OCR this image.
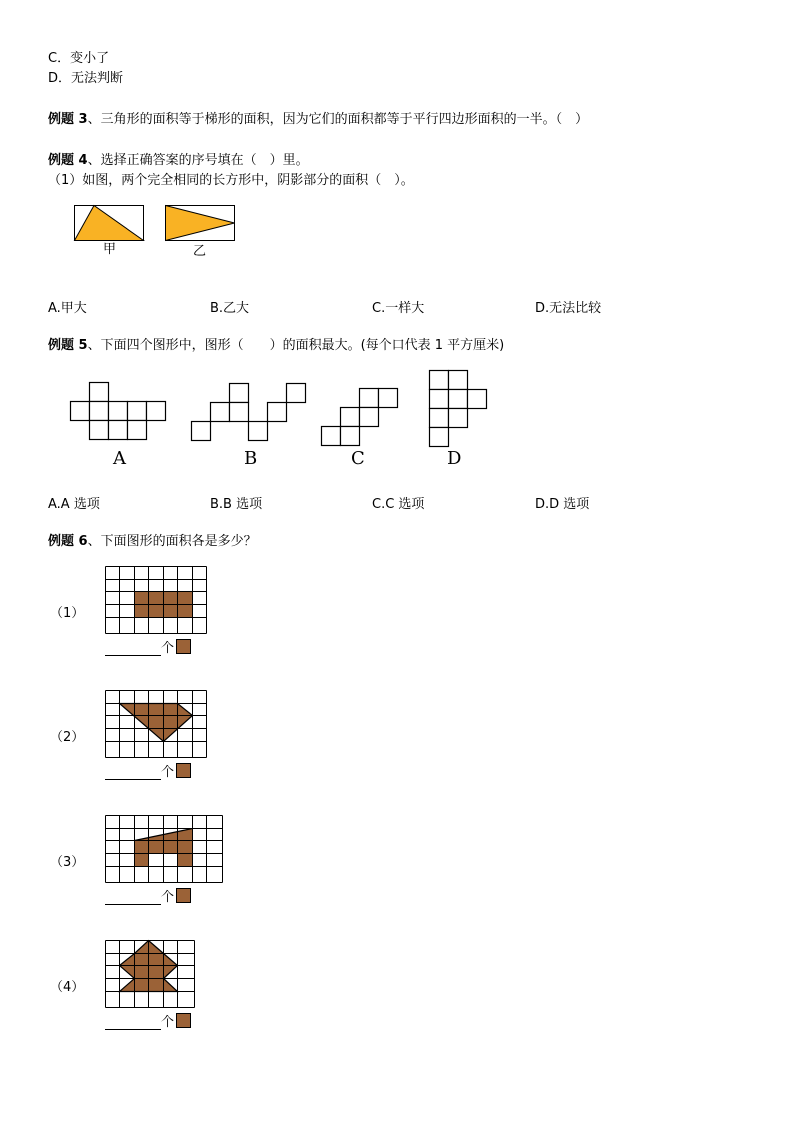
C．变小了
D．无法判断
例题 3、三角形的面积等于梯形的面积，因为它们的面积都等于平行四边形面积的一半。（　）
例题 4、选择正确答案的序号填在（　）里。
（1）如图，两个完全相同的长方形中，阴影部分的面积（　）。
甲	乙
A.甲大	B.乙大	C.一样大	D.无法比较
例题 5、下面四个图形中，图形（　　）的面积最大。(每个口代表 1 平方厘米)
A	B	C	D
A.A 选项	B.B 选项	C.C 选项	D.D 选项
例题 6、下面图形的面积各是多少？
（1）
个
（2）
个
（3）
个
（4）
个
